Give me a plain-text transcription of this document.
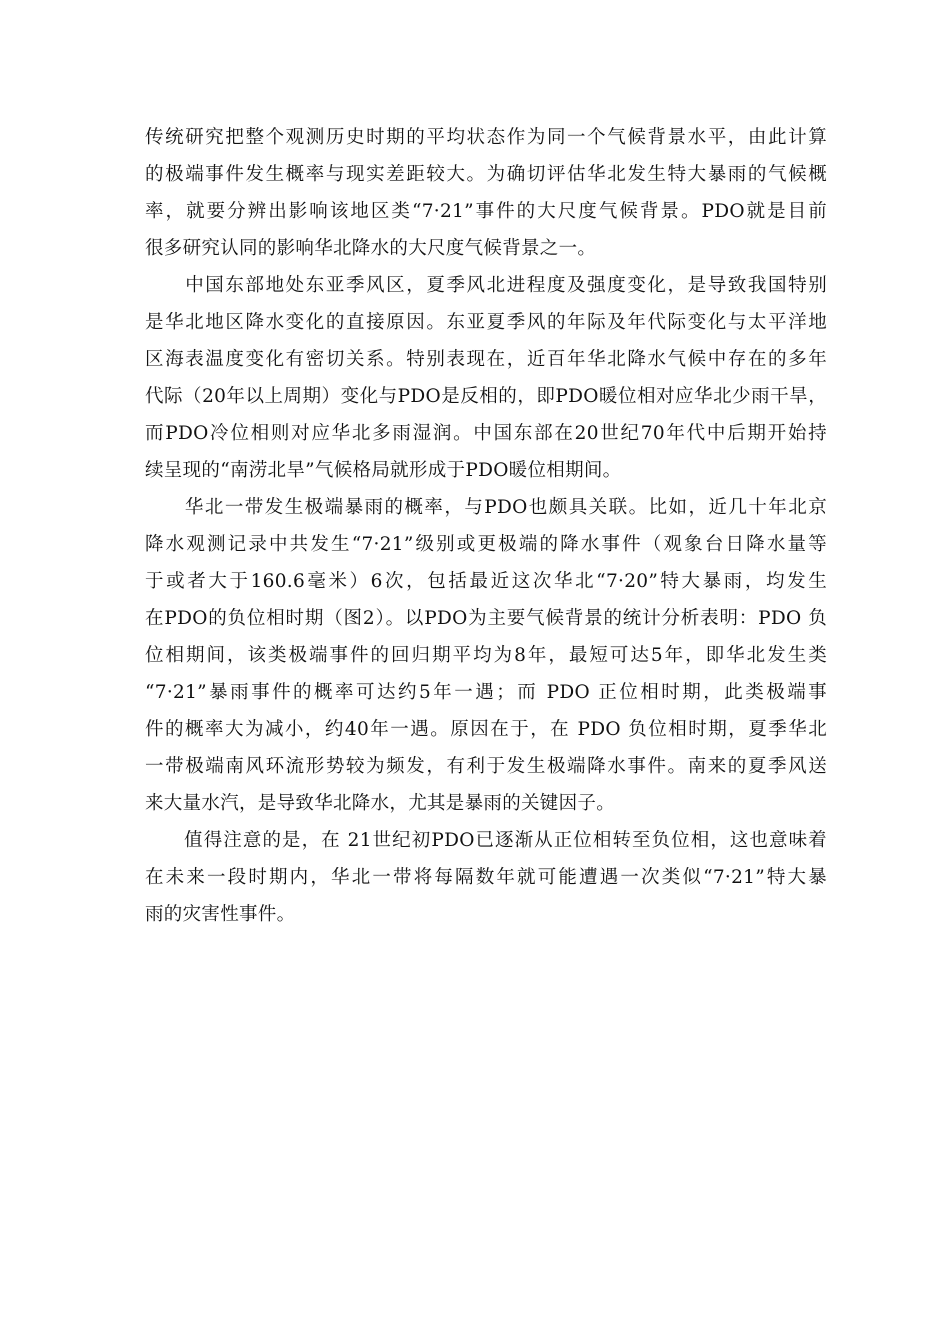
传统研究把整个观测历史时期的平均状态作为同一个气候背景水平，由此计算
的极端事件发生概率与现实差距较大。为确切评估华北发生特大暴雨的气候概
率，就要分辨出影响该地区类“7·21”事件的大尺度气候背景。PDO就是目前
很多研究认同的影响华北降水的大尺度气候背景之一。
　　中国东部地处东亚季风区，夏季风北进程度及强度变化，是导致我国特别
是华北地区降水变化的直接原因。东亚夏季风的年际及年代际变化与太平洋地
区海表温度变化有密切关系。特别表现在，近百年华北降水气候中存在的多年
代际（20年以上周期）变化与PDO是反相的，即PDO暖位相对应华北少雨干旱，
而PDO冷位相则对应华北多雨湿润。中国东部在20世纪70年代中后期开始持
续呈现的“南涝北旱”气候格局就形成于PDO暖位相期间。
　　华北一带发生极端暴雨的概率，与PDO也颇具关联。比如，近几十年北京
降水观测记录中共发生“7·21”级别或更极端的降水事件（观象台日降水量等
于或者大于160.6毫米）6次，包括最近这次华北“7·20”特大暴雨，均发生
在PDO的负位相时期（图2）。以PDO为主要气候背景的统计分析表明：PDO 负
位相期间，该类极端事件的回归期平均为8年，最短可达5年，即华北发生类
“7·21”暴雨事件的概率可达约5年一遇；而 PDO 正位相时期，此类极端事
件的概率大为减小，约40年一遇。原因在于，在 PDO 负位相时期，夏季华北
一带极端南风环流形势较为频发，有利于发生极端降水事件。南来的夏季风送
来大量水汽，是导致华北降水，尤其是暴雨的关键因子。
　　值得注意的是，在 21世纪初PDO已逐渐从正位相转至负位相，这也意味着
在未来一段时期内，华北一带将每隔数年就可能遭遇一次类似“7·21”特大暴
雨的灾害性事件。
